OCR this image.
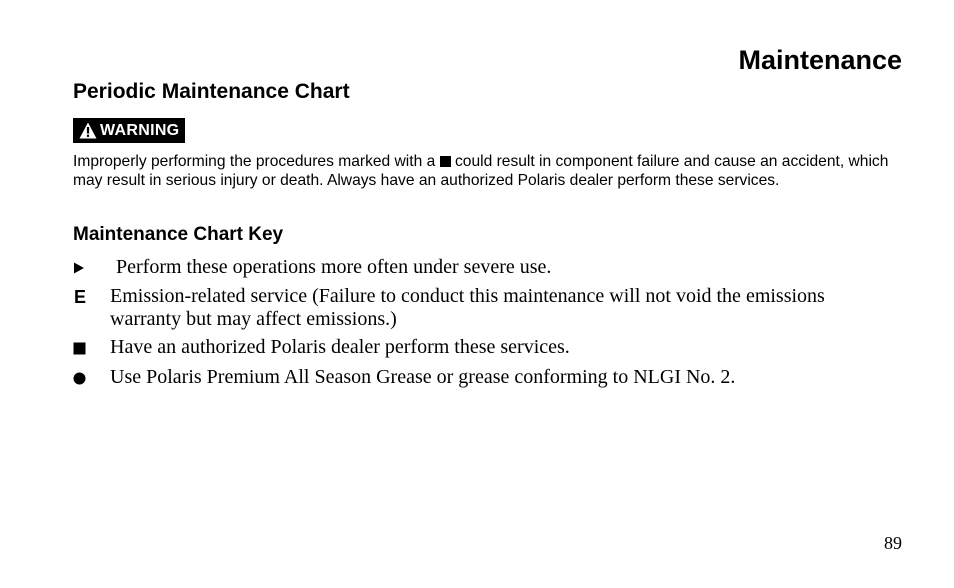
Maintenance
Periodic Maintenance Chart
WARNING

Improperly performing the procedures marked with a could result in component failure and cause an accident, which may result in serious injury or death. Always have an authorized Polaris dealer perform these services.

Maintenance Chart Key
Perform these operations more often under severe use.
E Emission-related service (Failure to conduct this maintenance will not void the emissions warranty but may affect emissions.)
Have an authorized Polaris dealer perform these services.
Use Polaris Premium All Season Grease or grease conforming to NLGI No. 2.

89
